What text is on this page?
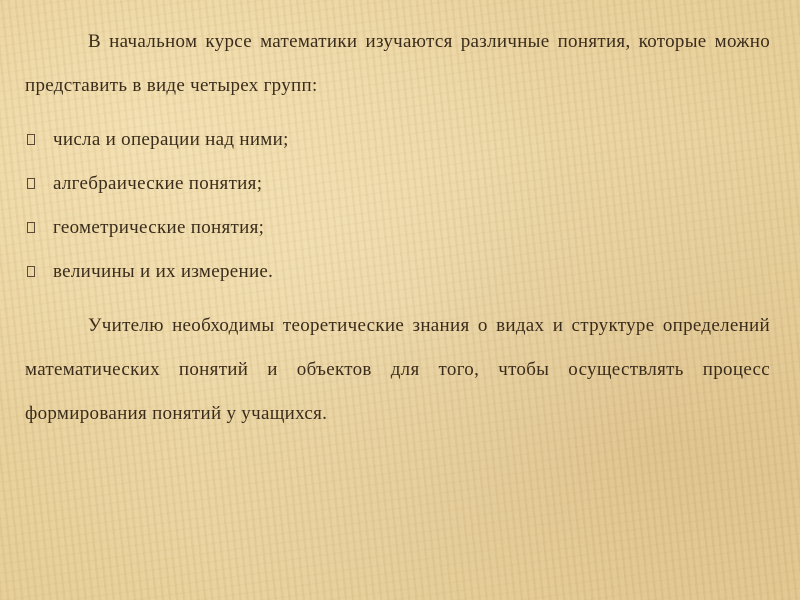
В начальном курсе математики изучаются различные понятия, которые можно представить в виде четырех групп:

числа и операции над ними;
алгебраические понятия;
геометрические понятия;
величины и их измерение.

Учителю необходимы теоретические знания о видах и структуре определений математических понятий и объектов для того, чтобы осуществлять процесс формирования понятий у учащихся.
